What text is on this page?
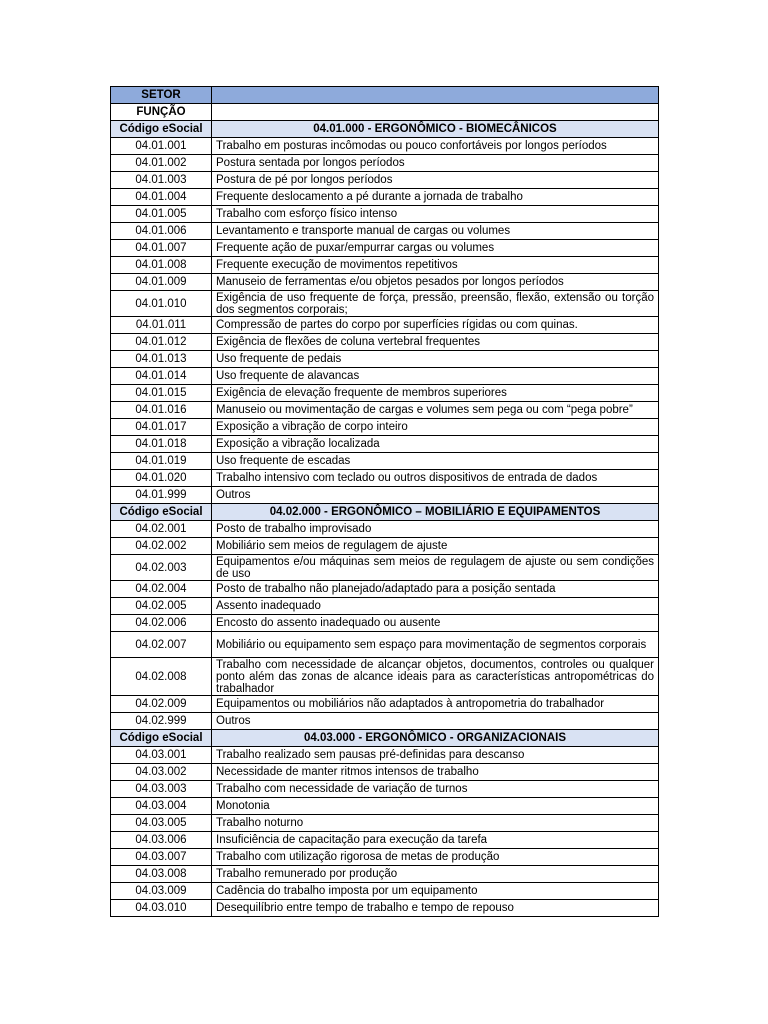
SETOR	
FUNÇÃO	
Código eSocial	04.01.000 - ERGONÔMICO - BIOMECÂNICOS
04.01.001	Trabalho em posturas incômodas ou pouco confortáveis por longos períodos
04.01.002	Postura sentada por longos períodos
04.01.003	Postura de pé por longos períodos
04.01.004	Frequente deslocamento a pé durante a jornada de trabalho
04.01.005	Trabalho com esforço físico intenso
04.01.006	Levantamento e transporte manual de cargas ou volumes
04.01.007	Frequente ação de puxar/empurrar cargas ou volumes
04.01.008	Frequente execução de movimentos repetitivos
04.01.009	Manuseio de ferramentas e/ou objetos pesados por longos períodos
04.01.010	Exigência de uso frequente de força, pressão, preensão, flexão, extensão ou torção dos segmentos corporais;
04.01.011	Compressão de partes do corpo por superfícies rígidas ou com quinas.
04.01.012	Exigência de flexões de coluna vertebral frequentes
04.01.013	Uso frequente de pedais
04.01.014	Uso frequente de alavancas
04.01.015	Exigência de elevação frequente de membros superiores
04.01.016	Manuseio ou movimentação de cargas e volumes sem pega ou com “pega pobre”
04.01.017	Exposição a vibração de corpo inteiro
04.01.018	Exposição a vibração localizada
04.01.019	Uso frequente de escadas
04.01.020	Trabalho intensivo com teclado ou outros dispositivos de entrada de dados
04.01.999	Outros
Código eSocial	04.02.000 - ERGONÔMICO – MOBILIÁRIO E EQUIPAMENTOS
04.02.001	Posto de trabalho improvisado
04.02.002	Mobiliário sem meios de regulagem de ajuste
04.02.003	Equipamentos e/ou máquinas sem meios de regulagem de ajuste ou sem condições de uso
04.02.004	Posto de trabalho não planejado/adaptado para a posição sentada
04.02.005	Assento inadequado
04.02.006	Encosto do assento inadequado ou ausente
04.02.007	Mobiliário ou equipamento sem espaço para movimentação de segmentos corporais
04.02.008	Trabalho com necessidade de alcançar objetos, documentos, controles ou qualquer ponto além das zonas de alcance ideais para as características antropométricas do trabalhador
04.02.009	Equipamentos ou mobiliários não adaptados à antropometria do trabalhador
04.02.999	Outros
Código eSocial	04.03.000 - ERGONÔMICO - ORGANIZACIONAIS
04.03.001	Trabalho realizado sem pausas pré-definidas para descanso
04.03.002	Necessidade de manter ritmos intensos de trabalho
04.03.003	Trabalho com necessidade de variação de turnos
04.03.004	Monotonia
04.03.005	Trabalho noturno
04.03.006	Insuficiência de capacitação para execução da tarefa
04.03.007	Trabalho com utilização rigorosa de metas de produção
04.03.008	Trabalho remunerado por produção
04.03.009	Cadência do trabalho imposta por um equipamento
04.03.010	Desequilíbrio entre tempo de trabalho e tempo de repouso
